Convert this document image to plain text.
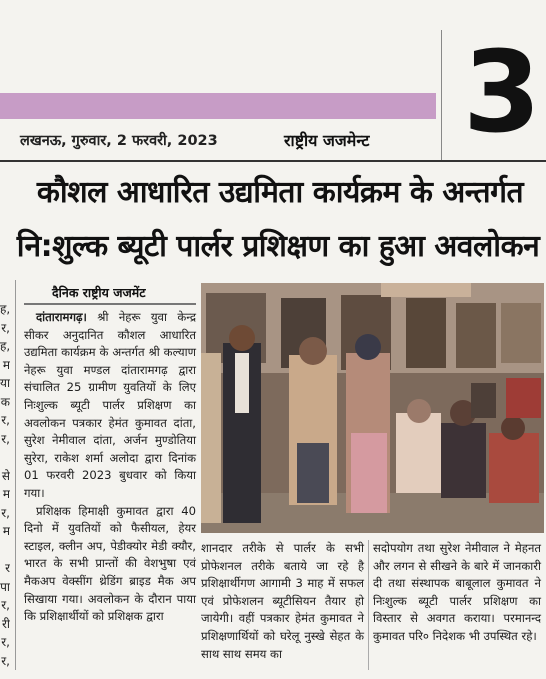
3
लखनऊ, गुरुवार, 2 फरवरी, 2023	राष्ट्रीय जजमेन्ट
कौशल आधारित उद्यमिता कार्यक्रम के अन्तर्गत
नि:शुल्क ब्यूटी पार्लर प्रशिक्षण का हुआ अवलोकन
ह,
र,
ह,
म
या
क
र,
र,

से
म
र,
म

र
पा
र,
री
र,
र,
दैनिक राष्ट्रीय जजमेंट

दांतारामगढ़। श्री नेहरू युवा केन्द्र सीकर अनुदानित कौशल आधारित उद्यमिता कार्यक्रम के अन्तर्गत श्री कल्याण नेहरू युवा मण्डल दांतारामगढ़ द्वारा संचालित 25 ग्रामीण युवतियों के लिए निःशुल्क ब्यूटी पार्लर प्रशिक्षण का अवलोकन पत्रकार हेमंत कुमावत दांता, सुरेश नेमीवाल दांता, अर्जन मुण्डोतिया सुरेरा, राकेश शर्मा अलोदा द्वारा दिनांक 01 फरवरी 2023 बुधवार को किया गया।

प्रशिक्षक हिमाक्षी कुमावत द्वारा 40 दिनो में युवतियों को फैसीयल, हेयर स्टाइल, क्लीन अप, पेडीक्योर मेडी क्यौर, भारत के सभी प्रान्तों की वेशभुषा एवं मैकअप वेक्सींग थ्रेडिंग ब्राइड मैक अप सिखाया गया। अवलोकन के दौरान पाया कि प्रशिक्षार्थीयों को प्रशिक्षक द्वारा

शानदार तरीके से पार्लर के सभी प्रोफेशनल तरीके बताये जा रहे है प्रशिक्षार्थीगण आगामी 3 माह में सफल एवं प्रोफेशलन ब्यूटीसियन तैयार हो जायेगी। वहीं पत्रकार हेमंत कुमावत ने प्रशिक्षणार्थियों को घरेलू नुस्खे सेहत के साथ साथ समय का
सदोपयोग तथा सुरेश नेमीवाल ने मेहनत और लगन से सीखने के बारे में जानकारी दी तथा संस्थापक बाबूलाल कुमावत ने निःशुल्क ब्यूटी पार्लर प्रशिक्षण का विस्तार से अवगत कराया। परमानन्द कुमावत परि० निदेशक भी उपस्थित रहे।
